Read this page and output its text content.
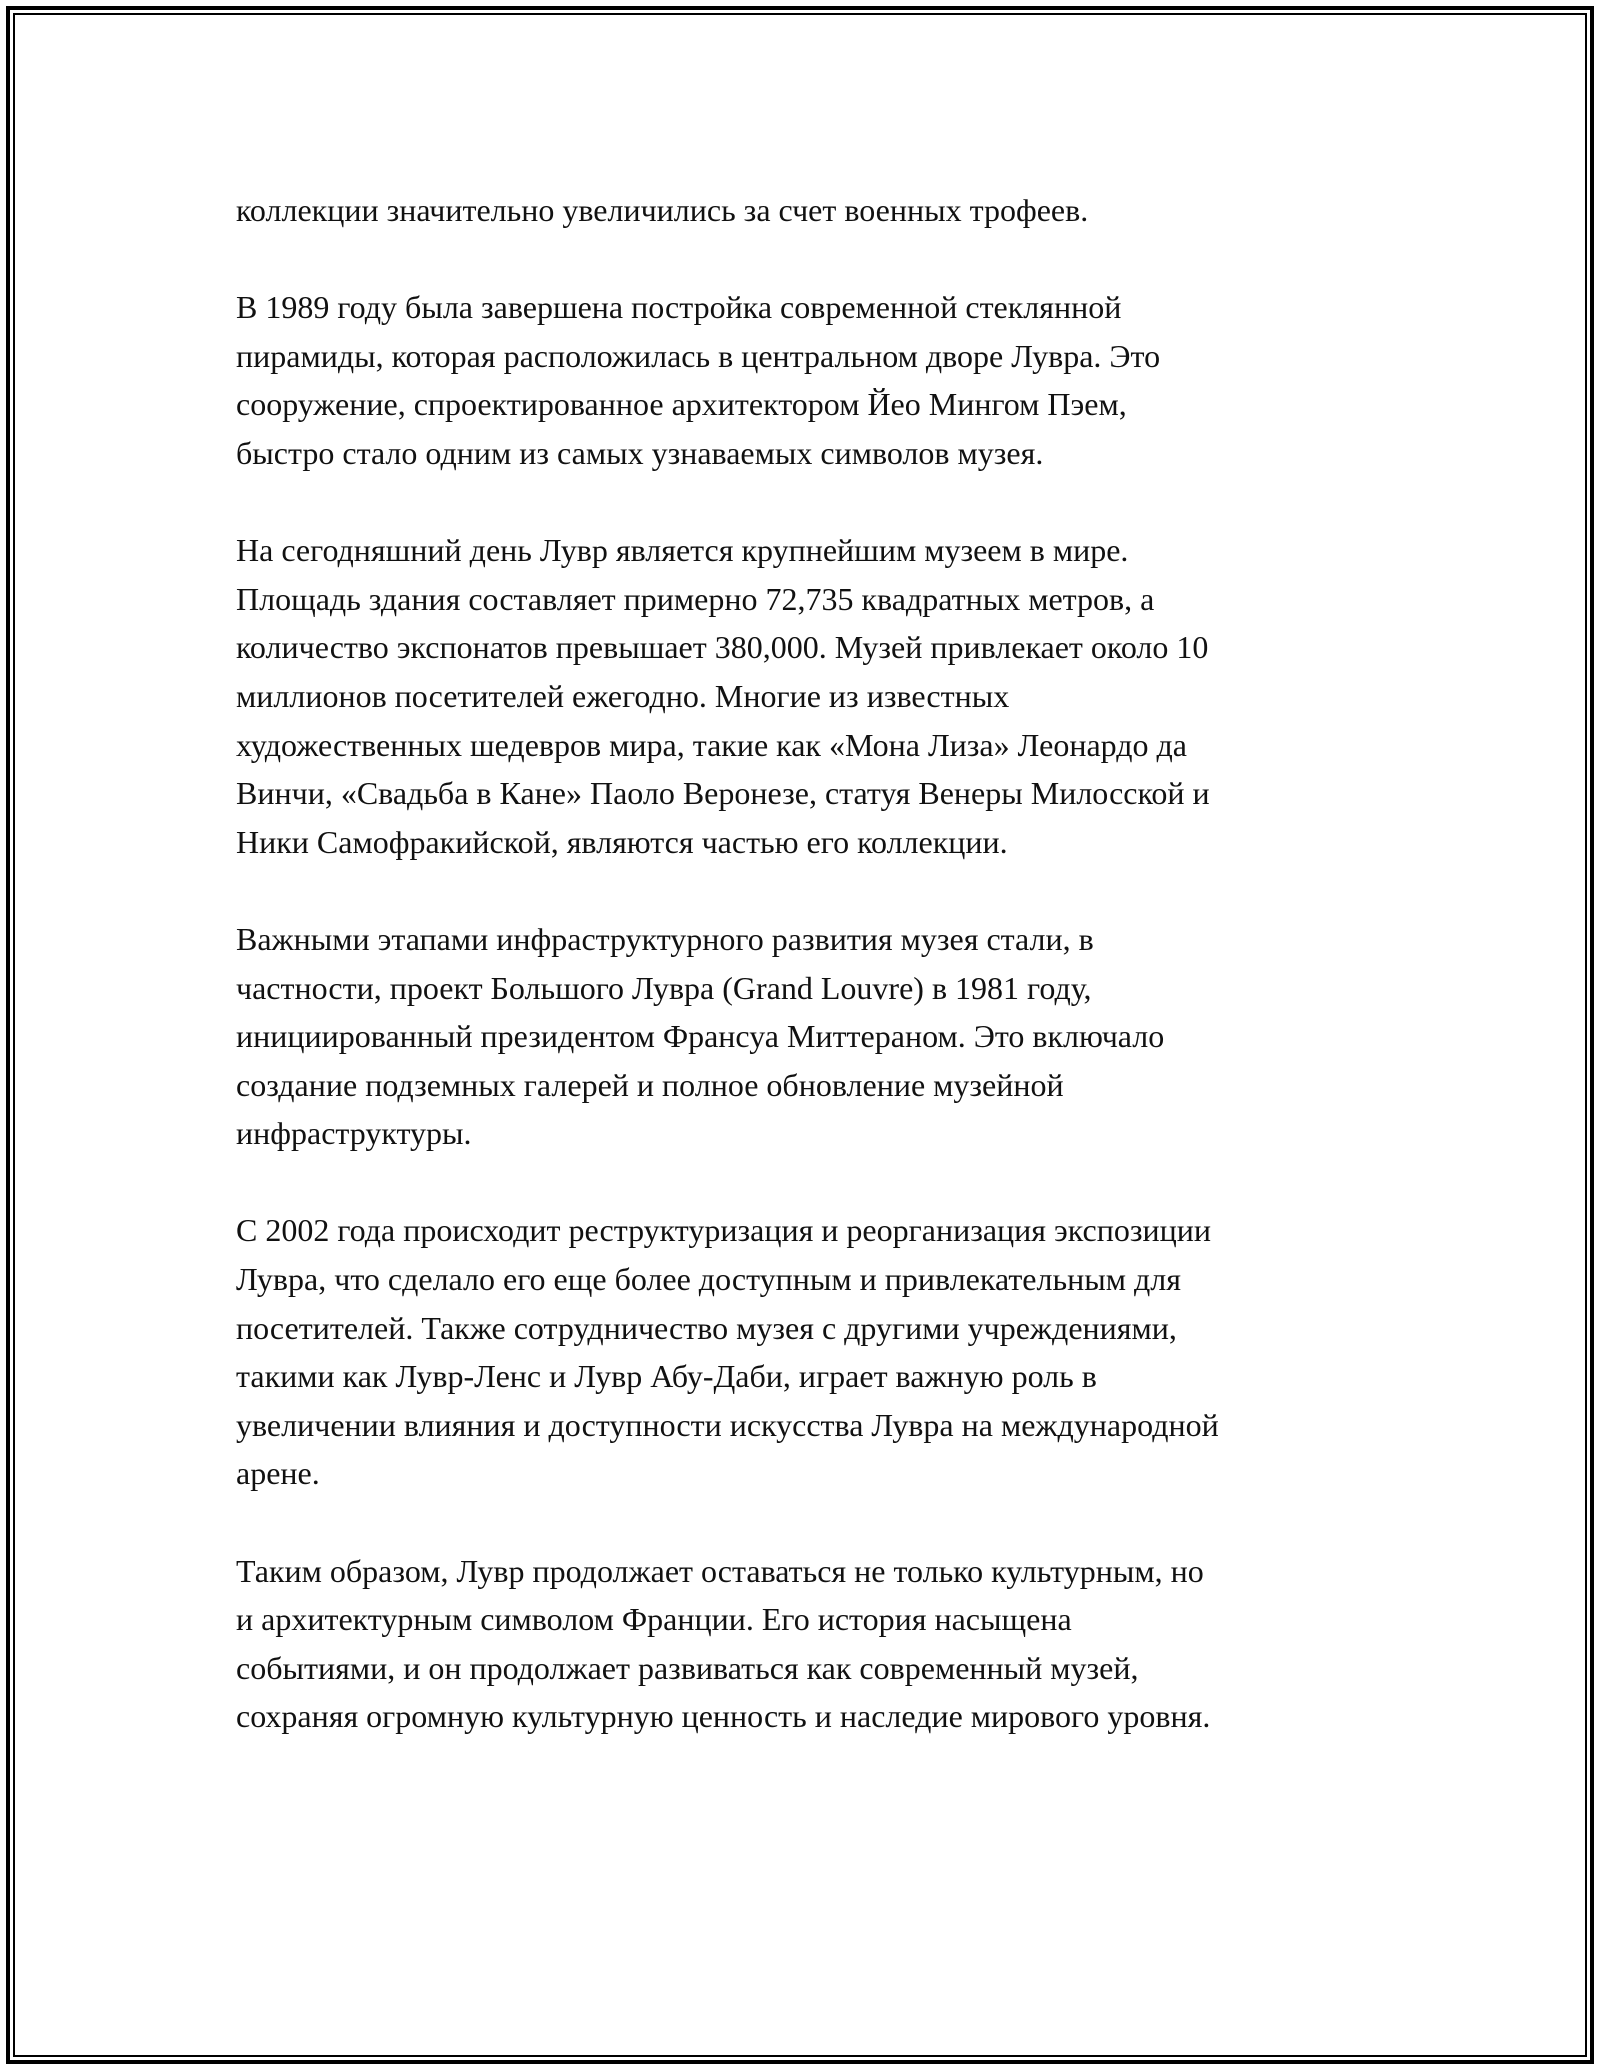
коллекции значительно увеличились за счет военных трофеев.

В 1989 году была завершена постройка современной стеклянной
пирамиды, которая расположилась в центральном дворе Лувра. Это
сооружение, спроектированное архитектором Йео Мингом Пэем,
быстро стало одним из самых узнаваемых символов музея.

На сегодняшний день Лувр является крупнейшим музеем в мире.
Площадь здания составляет примерно 72,735 квадратных метров, а
количество экспонатов превышает 380,000. Музей привлекает около 10
миллионов посетителей ежегодно. Многие из известных
художественных шедевров мира, такие как «Мона Лиза» Леонардо да
Винчи, «Свадьба в Кане» Паоло Веронезе, статуя Венеры Милосской и
Ники Самофракийской, являются частью его коллекции.

Важными этапами инфраструктурного развития музея стали, в
частности, проект Большого Лувра (Grand Louvre) в 1981 году,
инициированный президентом Франсуа Миттераном. Это включало
создание подземных галерей и полное обновление музейной
инфраструктуры.

С 2002 года происходит реструктуризация и реорганизация экспозиции
Лувра, что сделало его еще более доступным и привлекательным для
посетителей. Также сотрудничество музея с другими учреждениями,
такими как Лувр-Ленс и Лувр Абу-Даби, играет важную роль в
увеличении влияния и доступности искусства Лувра на международной
арене.

Таким образом, Лувр продолжает оставаться не только культурным, но
и архитектурным символом Франции. Его история насыщена
событиями, и он продолжает развиваться как современный музей,
сохраняя огромную культурную ценность и наследие мирового уровня.
